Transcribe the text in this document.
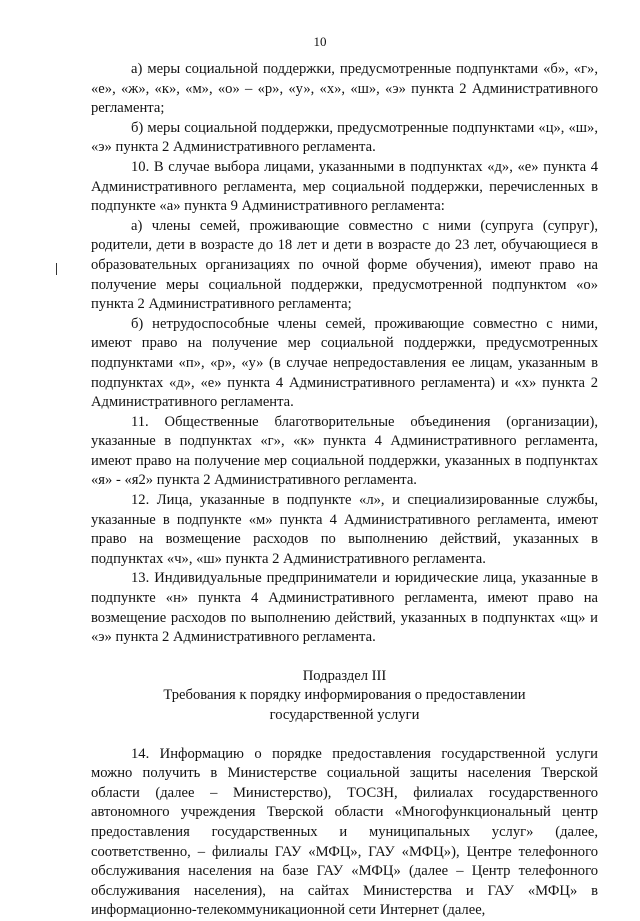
10

а) меры социальной поддержки, предусмотренные подпунктами «б», «г», «е», «ж», «к», «м», «о» – «р», «у», «х», «ш», «э» пункта 2 Административного регламента;

б) меры социальной поддержки, предусмотренные подпунктами «ц», «ш», «э» пункта 2 Административного регламента.

10. В случае выбора лицами, указанными в подпунктах «д», «е» пункта 4 Административного регламента, мер социальной поддержки, перечисленных в подпункте «а» пункта 9 Административного регламента:

а) члены семей, проживающие совместно с ними (супруга (супруг), родители, дети в возрасте до 18 лет и дети в возрасте до 23 лет, обучающиеся в образовательных организациях по очной форме обучения), имеют право на получение меры социальной поддержки, предусмотренной подпунктом «о» пункта 2 Административного регламента;

б) нетрудоспособные члены семей, проживающие совместно с ними, имеют право на получение мер социальной поддержки, предусмотренных подпунктами «п», «р», «у» (в случае непредоставления ее лицам, указанным в подпунктах «д», «е» пункта 4 Административного регламента) и «х» пункта 2 Административного регламента.

11. Общественные благотворительные объединения (организации), указанные в подпунктах «г», «к» пункта 4 Административного регламента, имеют право на получение мер социальной поддержки, указанных в подпунктах «я» - «я2» пункта 2 Административного регламента.

12. Лица, указанные в подпункте «л», и специализированные службы, указанные в подпункте «м» пункта 4 Административного регламента, имеют право на возмещение расходов по выполнению действий, указанных в подпунктах «ч», «ш» пункта 2 Административного регламента.

13. Индивидуальные предприниматели и юридические лица, указанные в подпункте «н» пункта 4 Административного регламента, имеют право на возмещение расходов по выполнению действий, указанных в подпунктах «щ» и «э» пункта 2 Административного регламента.

Подраздел III

Требования к порядку информирования о предоставлении

государственной услуги

14. Информацию о порядке предоставления государственной услуги можно получить в Министерстве социальной защиты населения Тверской области (далее – Министерство), ТОСЗН, филиалах государственного автономного учреждения Тверской области «Многофункциональный центр предоставления государственных и муниципальных услуг» (далее, соответственно, – филиалы ГАУ «МФЦ», ГАУ «МФЦ»), Центре телефонного обслуживания населения на базе ГАУ «МФЦ» (далее – Центр телефонного обслуживания населения), на сайтах Министерства и ГАУ «МФЦ» в информационно-телекоммуникационной сети Интернет (далее,
